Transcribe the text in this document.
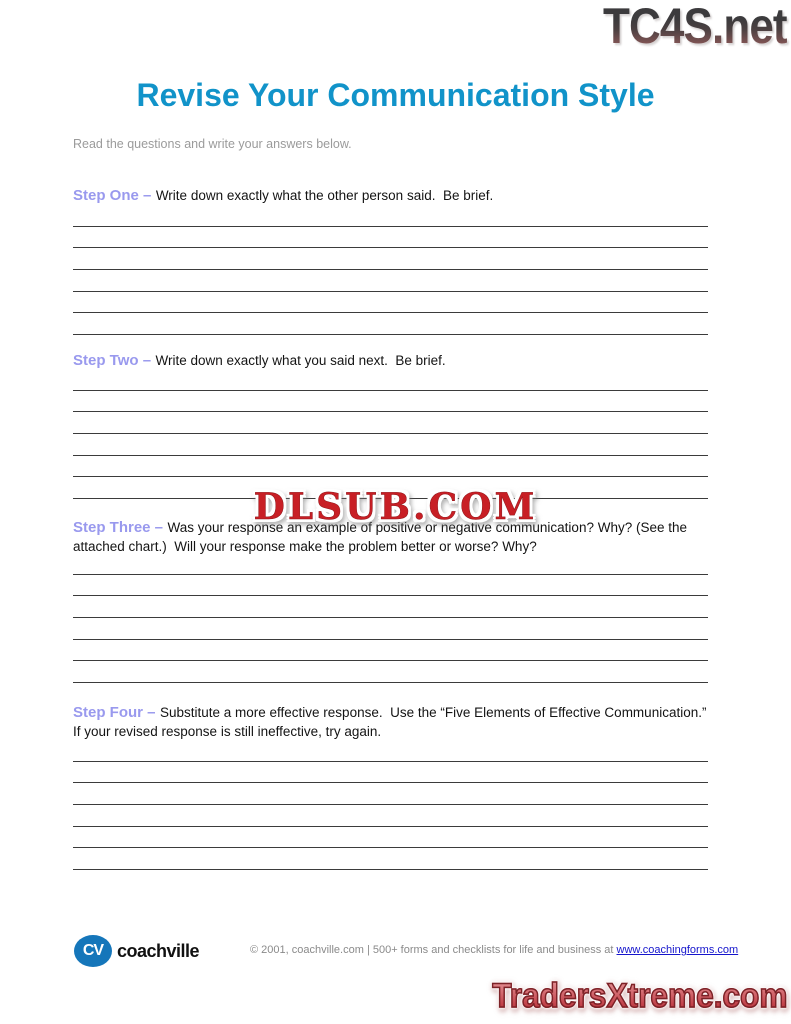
TC4S.net
Revise Your Communication Style
Read the questions and write your answers below.

Step One – Write down exactly what the other person said.  Be brief.

Step Two – Write down exactly what you said next.  Be brief.

Step Three – Was your response an example of positive or negative communication? Why? (See the attached chart.)  Will your response make the problem better or worse? Why?

Step Four – Substitute a more effective response.  Use the “Five Elements of Effective Communication.”  If your revised response is still ineffective, try again.

DLSUB.COM
CV coachville	© 2001, coachville.com | 500+ forms and checklists for life and business at www.coachingforms.com
TradersXtreme.com
